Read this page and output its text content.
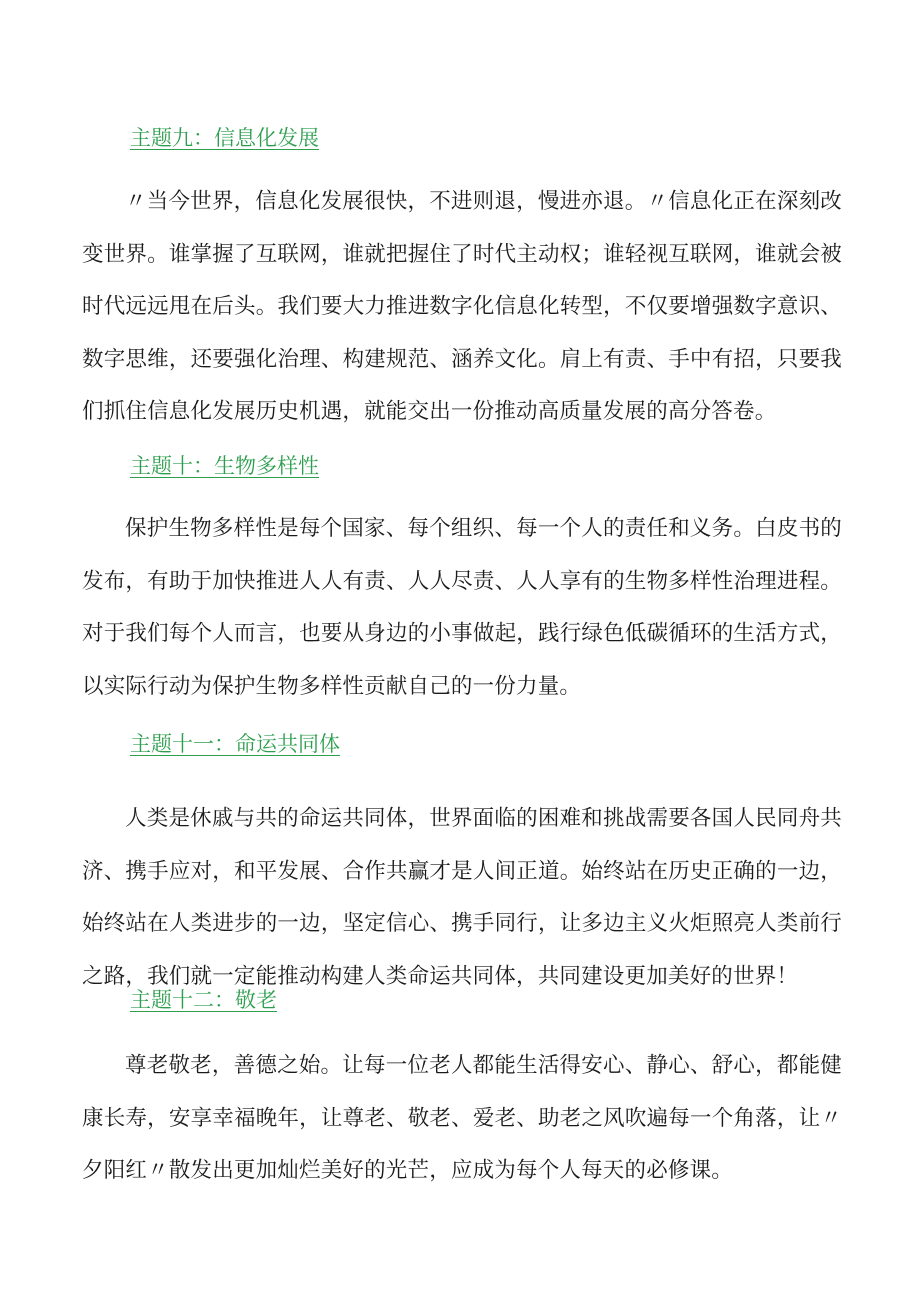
主题九：信息化发展

〃当今世界，信息化发展很快，不进则退，慢进亦退。〃信息化正在深刻改变世界。谁掌握了互联网，谁就把握住了时代主动权；谁轻视互联网，谁就会被时代远远甩在后头。我们要大力推进数字化信息化转型，不仅要增强数字意识、数字思维，还要强化治理、构建规范、涵养文化。肩上有责、手中有招，只要我们抓住信息化发展历史机遇，就能交出一份推动高质量发展的高分答卷。

主题十：生物多样性

保护生物多样性是每个国家、每个组织、每一个人的责任和义务。白皮书的发布，有助于加快推进人人有责、人人尽责、人人享有的生物多样性治理进程。对于我们每个人而言，也要从身边的小事做起，践行绿色低碳循环的生活方式，以实际行动为保护生物多样性贡献自己的一份力量。

主题十一：命运共同体

人类是休戚与共的命运共同体，世界面临的困难和挑战需要各国人民同舟共济、携手应对，和平发展、合作共赢才是人间正道。始终站在历史正确的一边，始终站在人类进步的一边，坚定信心、携手同行，让多边主义火炬照亮人类前行之路，我们就一定能推动构建人类命运共同体，共同建设更加美好的世界！

主题十二：敬老

尊老敬老，善德之始。让每一位老人都能生活得安心、静心、舒心，都能健康长寿，安享幸福晚年，让尊老、敬老、爱老、助老之风吹遍每一个角落，让〃夕阳红〃散发出更加灿烂美好的光芒，应成为每个人每天的必修课。
